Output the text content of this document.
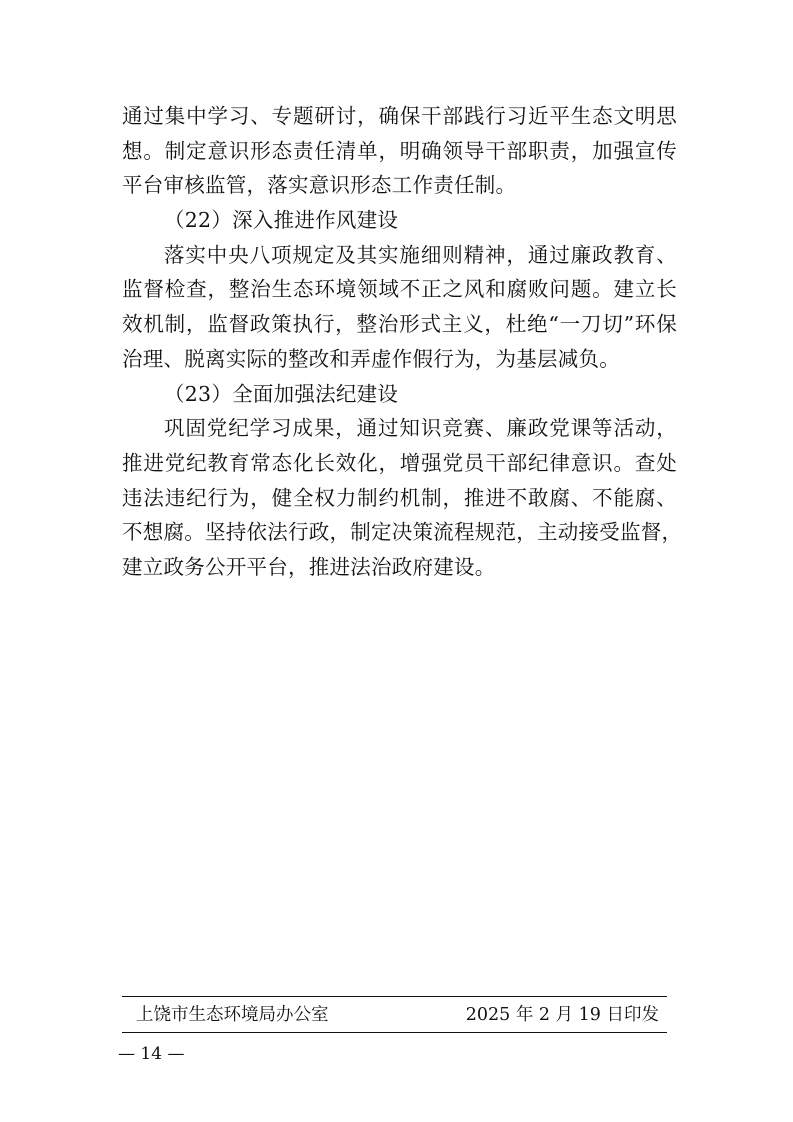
通过集中学习、专题研讨，确保干部践行习近平生态文明思
想。制定意识形态责任清单，明确领导干部职责，加强宣传
平台审核监管，落实意识形态工作责任制。
（22）深入推进作风建设
落实中央八项规定及其实施细则精神，通过廉政教育、
监督检查，整治生态环境领域不正之风和腐败问题。建立长
效机制，监督政策执行，整治形式主义，杜绝“一刀切”环保
治理、脱离实际的整改和弄虚作假行为，为基层减负。
（23）全面加强法纪建设
巩固党纪学习成果，通过知识竞赛、廉政党课等活动，
推进党纪教育常态化长效化，增强党员干部纪律意识。查处
违法违纪行为，健全权力制约机制，推进不敢腐、不能腐、
不想腐。坚持依法行政，制定决策流程规范，主动接受监督，
建立政务公开平台，推进法治政府建设。
上饶市生态环境局办公室	2025 年 2 月 19 日印发
— 14 —
